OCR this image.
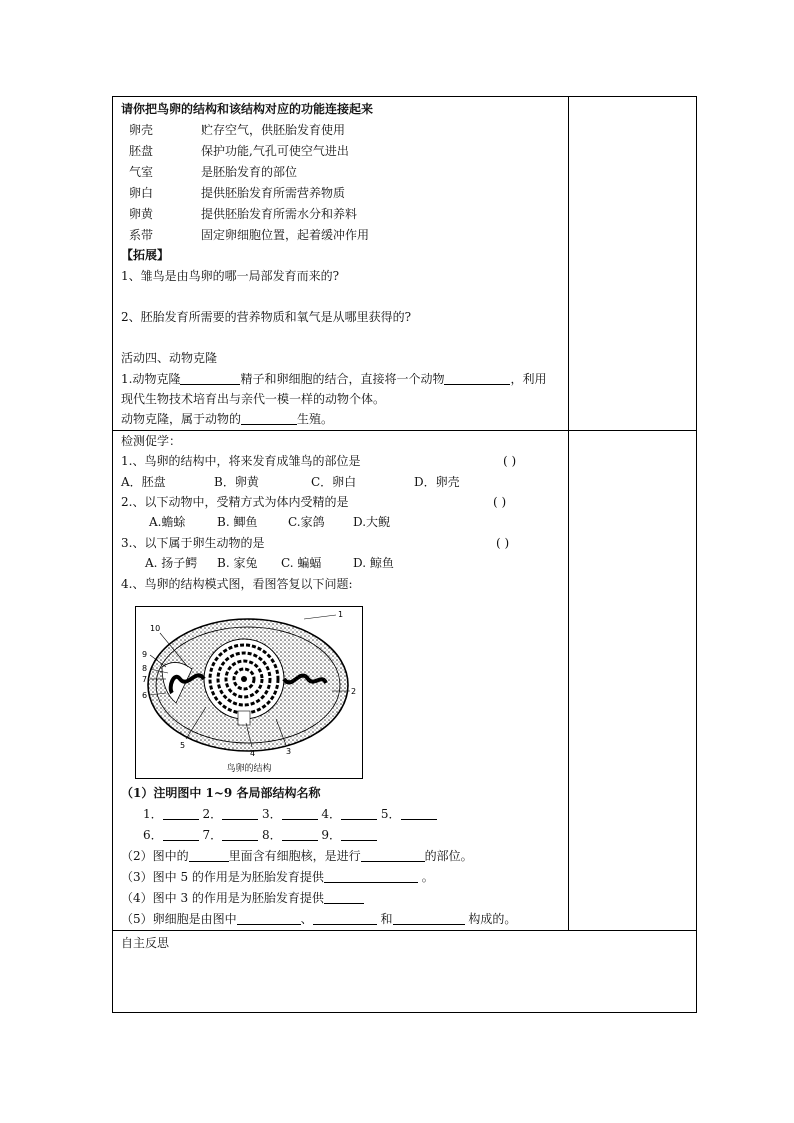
请你把鸟卵的结构和该结构对应的功能连接起来
卵壳	贮存空气，供胚胎发育使用
胚盘	保护功能,气孔可使空气进出
气室	是胚胎发育的部位
卵白	提供胚胎发育所需营养物质
卵黄	提供胚胎发育所需水分和养料
系带	固定卵细胞位置，起着缓冲作用
【拓展】
1、雏鸟是由鸟卵的哪一局部发育而来的?
2、胚胎发育所需要的营养物质和氧气是从哪里获得的?
活动四、动物克隆
1.动物克隆	精子和卵细胞的结合，直接将一个动物	，利用
现代生物技术培育出与亲代一模一样的动物个体。
动物克隆，属于动物的	生殖。
检测促学：
1.、鸟卵的结构中，将来发育成雏鸟的部位是	( )
A．胚盘	B．卵黄	C．卵白	D．卵壳
2.、以下动物中，受精方式为体内受精的是	( )
A.蟾蜍	B. 鲫鱼	C.家鸽 D.大鲵
3.、以下属于卵生动物的是	( )
A. 扬子鳄 B. 家兔 C. 蝙蝠	D. 鲸鱼
4.、鸟卵的结构模式图，看图答复以下问题:
1
2
3
4
5
6
7
8
9
10
鸟卵的结构
（1）注明图中 1~9 各局部结构名称
1．	2．	3．	4．	5．
6．	7．	8．	9．
（2）图中的	里面含有细胞核，是进行	的部位。
（3）图中 5 的作用是为胚胎发育提供	。
（4）图中 3 的作用是为胚胎发育提供
（5）卵细胞是由图中	、	和	构成的。
自主反思
